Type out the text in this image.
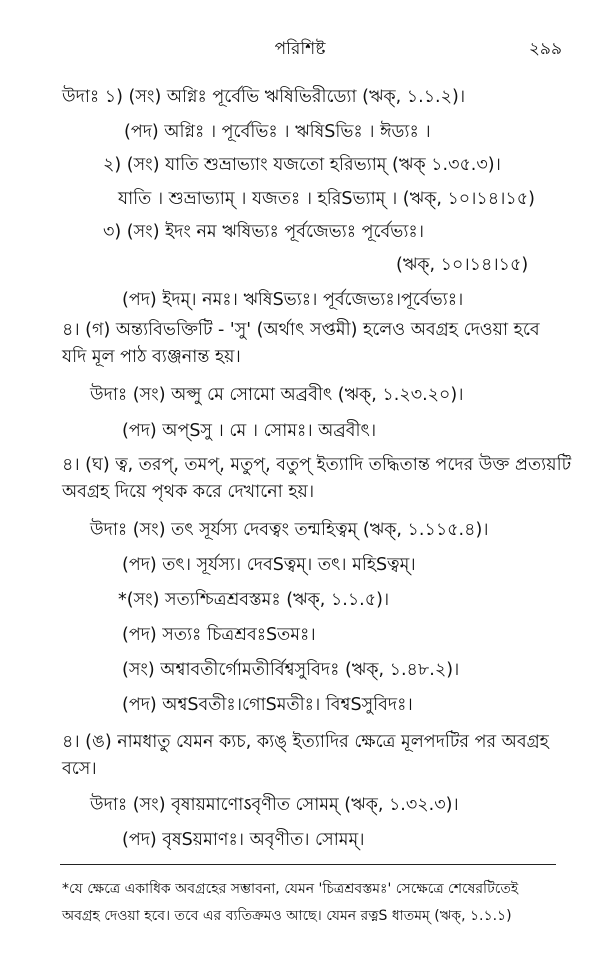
পরিশিষ্ট	২৯৯
উদাঃ ১) (সং) অগ্নিঃ পূর্বেভি ঋষিভিরীড্যো (ঋক্‌, ১.১.২)।
(পদ) অগ্নিঃ । পূর্বেভিঃ । ঋষিSভিঃ । ঈড্যঃ ।
২) (সং) যাতি শুভ্রাভ্যাং যজতো হরিভ্যাম্‌ (ঋক্‌ ১.৩৫.৩)।
যাতি । শুভ্রাভ্যাম্‌ । যজতঃ । হরিSভ্যাম্‌ । (ঋক্‌, ১০।১৪।১৫)
৩) (সং) ইদং নম ঋষিভ্যঃ পূর্বজেভ্যঃ পূর্বেভ্যঃ।
(ঋক্‌, ১০।১৪।১৫)
(পদ) ইদম্‌। নমঃ। ঋষিSভ্যঃ। পূর্বজেভ্যঃ।পূর্বেভ্যঃ।
৪। (গ) অন্ত্যবিভক্তিটি - 'সু' (অর্থাৎ সপ্তমী) হলেও অবগ্রহ দেওয়া হবে
যদি মূল পাঠ ব্যঞ্জনান্ত হয়।
উদাঃ (সং) অপ্সু মে সোমো অব্রবীৎ (ঋক্‌, ১.২৩.২০)।
(পদ) অপ্‌Sসু । মে । সোমঃ। অব্রবীৎ।
৪। (ঘ) ত্ব, তরপ্‌, তমপ্‌, মতুপ্‌, বতুপ্‌ ইত্যাদি তদ্ধিতান্ত পদের উক্ত প্রত্যয়টি
অবগ্রহ দিয়ে পৃথক করে দেখানো হয়।
উদাঃ (সং) তৎ সূর্যস্য দেবত্বং তন্মহিত্বম্‌ (ঋক্‌, ১.১১৫.৪)।
(পদ) তৎ। সূর্যস্য। দেবSত্বম্‌। তৎ। মহিSত্বম্‌।
*(সং) সত্যশ্চিত্রশ্রবস্তমঃ (ঋক্‌, ১.১.৫)।
(পদ) সত্যঃ চিত্রশ্রবঃSতমঃ।
(সং) অশ্বাবতীর্গোমতীর্বিশ্বসুবিদঃ (ঋক্‌, ১.৪৮.২)।
(পদ) অশ্বSবতীঃ।গোSমতীঃ। বিশ্বSসুবিদঃ।
৪। (ঙ) নামধাতু যেমন ক্যচ, ক্যঙ্‌ ইত্যাদির ক্ষেত্রে মূলপদটির পর অবগ্রহ
বসে।
উদাঃ (সং) বৃষায়মাণোऽবৃণীত সোমম্‌ (ঋক্‌, ১.৩২.৩)।
(পদ) বৃষSয়মাণঃ। অবৃণীত। সোমম্‌।
*যে ক্ষেত্রে একাধিক অবগ্রহের সম্ভাবনা, যেমন 'চিত্রশ্রবস্তমঃ' সেক্ষেত্রে শেষেরটিতেই
অবগ্রহ দেওয়া হবে। তবে এর ব্যতিক্রমও আছে। যেমন রত্নS ধাতমম্‌ (ঋক্‌, ১.১.১)
